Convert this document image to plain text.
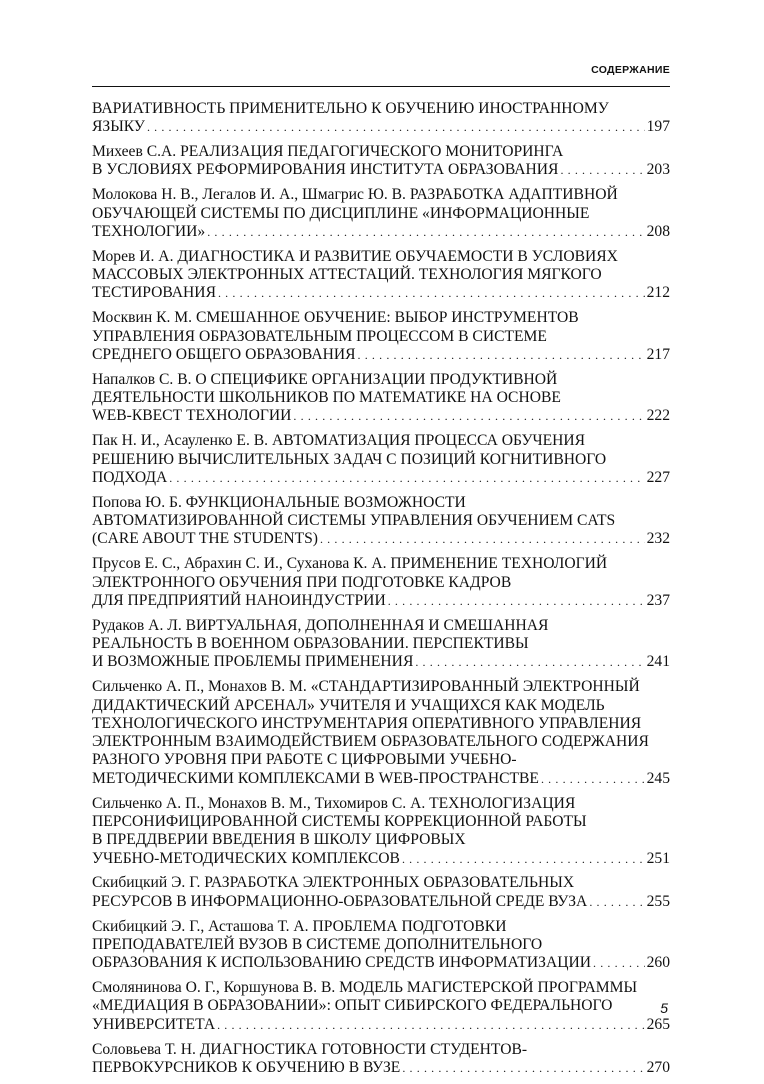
СОДЕРЖАНИЕ
ВАРИАТИВНОСТЬ ПРИМЕНИТЕЛЬНО К ОБУЧЕНИЮ ИНОСТРАННОМУ
ЯЗЫКУ . . .	197
Михеев С.А. РЕАЛИЗАЦИЯ ПЕДАГОГИЧЕСКОГО МОНИТОРИНГА
В УСЛОВИЯХ РЕФОРМИРОВАНИЯ ИНСТИТУТА ОБРАЗОВАНИЯ . . .	203
Молокова Н. В., Легалов И. А., Шмагрис Ю. В. РАЗРАБОТКА АДАПТИВНОЙ
ОБУЧАЮЩЕЙ СИСТЕМЫ ПО ДИСЦИПЛИНЕ «ИНФОРМАЦИОННЫЕ
ТЕХНОЛОГИИ» . . .	208
Морев И. А. ДИАГНОСТИКА И РАЗВИТИЕ ОБУЧАЕМОСТИ В УСЛОВИЯХ
МАССОВЫХ ЭЛЕКТРОННЫХ АТТЕСТАЦИЙ. ТЕХНОЛОГИЯ МЯГКОГО
ТЕСТИРОВАНИЯ . . .	212
Москвин К. М. СМЕШАННОЕ ОБУЧЕНИЕ: ВЫБОР ИНСТРУМЕНТОВ
УПРАВЛЕНИЯ ОБРАЗОВАТЕЛЬНЫМ ПРОЦЕССОМ В СИСТЕМЕ
СРЕДНЕГО ОБЩЕГО ОБРАЗОВАНИЯ . . .	217
Напалков С. В. О СПЕЦИФИКЕ ОРГАНИЗАЦИИ ПРОДУКТИВНОЙ
ДЕЯТЕЛЬНОСТИ ШКОЛЬНИКОВ ПО МАТЕМАТИКЕ НА ОСНОВЕ
WEB-КВЕСТ ТЕХНОЛОГИИ . . .	222
Пак Н. И., Асауленко Е. В. АВТОМАТИЗАЦИЯ ПРОЦЕССА ОБУЧЕНИЯ
РЕШЕНИЮ ВЫЧИСЛИТЕЛЬНЫХ ЗАДАЧ С ПОЗИЦИЙ КОГНИТИВНОГО
ПОДХОДА . . .	227
Попова Ю. Б. ФУНКЦИОНАЛЬНЫЕ ВОЗМОЖНОСТИ
АВТОМАТИЗИРОВАННОЙ СИСТЕМЫ УПРАВЛЕНИЯ ОБУЧЕНИЕМ CATS
(CARE ABOUT THE STUDENTS) . . .	232
Прусов Е. С., Абрахин С. И., Суханова К. А. ПРИМЕНЕНИЕ ТЕХНОЛОГИЙ
ЭЛЕКТРОННОГО ОБУЧЕНИЯ ПРИ ПОДГОТОВКЕ КАДРОВ
ДЛЯ ПРЕДПРИЯТИЙ НАНОИНДУСТРИИ . . .	237
Рудаков А. Л. ВИРТУАЛЬНАЯ, ДОПОЛНЕННАЯ И СМЕШАННАЯ
РЕАЛЬНОСТЬ В ВОЕННОМ ОБРАЗОВАНИИ. ПЕРСПЕКТИВЫ
И ВОЗМОЖНЫЕ ПРОБЛЕМЫ ПРИМЕНЕНИЯ . . .	241
Сильченко А. П., Монахов В. М. «СТАНДАРТИЗИРОВАННЫЙ ЭЛЕКТРОННЫЙ
ДИДАКТИЧЕСКИЙ АРСЕНАЛ» УЧИТЕЛЯ И УЧАЩИХСЯ КАК МОДЕЛЬ
ТЕХНОЛОГИЧЕСКОГО ИНСТРУМЕНТАРИЯ ОПЕРАТИВНОГО УПРАВЛЕНИЯ
ЭЛЕКТРОННЫМ ВЗАИМОДЕЙСТВИЕМ ОБРАЗОВАТЕЛЬНОГО СОДЕРЖАНИЯ
РАЗНОГО УРОВНЯ ПРИ РАБОТЕ С ЦИФРОВЫМИ УЧЕБНО-
МЕТОДИЧЕСКИМИ КОМПЛЕКСАМИ В WEB-ПРОСТРАНСТВЕ . . .	245
Сильченко А. П., Монахов В. М., Тихомиров С. А. ТЕХНОЛОГИЗАЦИЯ
ПЕРСОНИФИЦИРОВАННОЙ СИСТЕМЫ КОРРЕКЦИОННОЙ РАБОТЫ
В ПРЕДДВЕРИИ ВВЕДЕНИЯ В ШКОЛУ ЦИФРОВЫХ
УЧЕБНО-МЕТОДИЧЕСКИХ КОМПЛЕКСОВ . . .	251
Скибицкий Э. Г. РАЗРАБОТКА ЭЛЕКТРОННЫХ ОБРАЗОВАТЕЛЬНЫХ
РЕСУРСОВ В ИНФОРМАЦИОННО-ОБРАЗОВАТЕЛЬНОЙ СРЕДЕ ВУЗА . . .	255
Скибицкий Э. Г., Асташова Т. А. ПРОБЛЕМА ПОДГОТОВКИ
ПРЕПОДАВАТЕЛЕЙ ВУЗОВ В СИСТЕМЕ ДОПОЛНИТЕЛЬНОГО
ОБРАЗОВАНИЯ К ИСПОЛЬЗОВАНИЮ СРЕДСТВ ИНФОРМАТИЗАЦИИ . . .	260
Смолянинова О. Г., Коршунова В. В. МОДЕЛЬ МАГИСТЕРСКОЙ ПРОГРАММЫ
«МЕДИАЦИЯ В ОБРАЗОВАНИИ»: ОПЫТ СИБИРСКОГО ФЕДЕРАЛЬНОГО
УНИВЕРСИТЕТА . . .	265
Соловьева Т. Н. ДИАГНОСТИКА ГОТОВНОСТИ СТУДЕНТОВ-
ПЕРВОКУРСНИКОВ К ОБУЧЕНИЮ В ВУЗЕ . . .	270
5
